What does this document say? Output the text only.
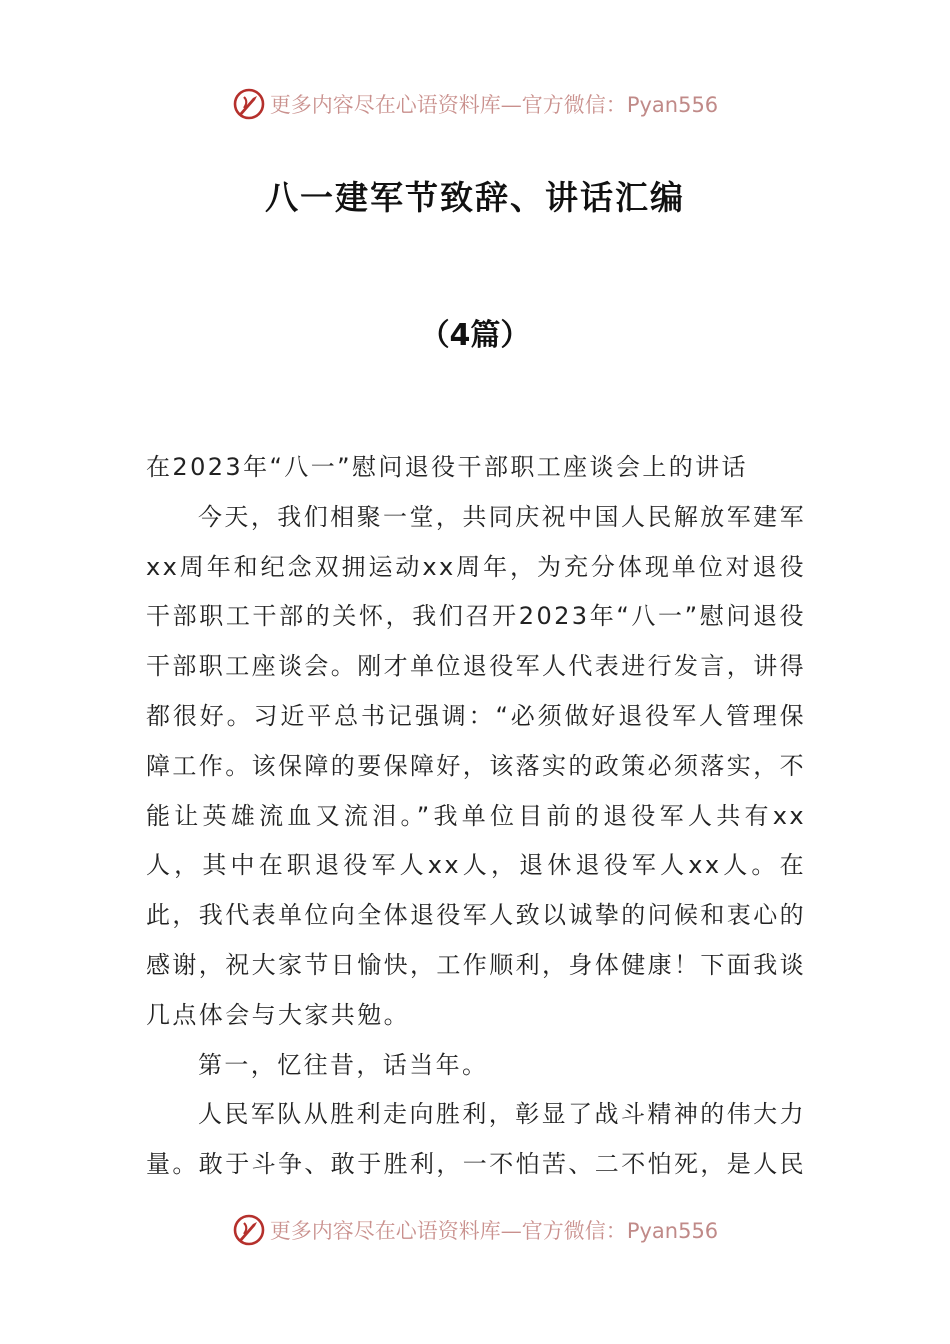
更多内容尽在心语资料库—官方微信：Pyan556
八一建军节致辞、讲话汇编
（4篇）

在2023年“八一”慰问退役干部职工座谈会上的讲话

今天，我们相聚一堂，共同庆祝中国人民解放军建军xx周年和纪念双拥运动xx周年，为充分体现单位对退役干部职工干部的关怀，我们召开2023年“八一”慰问退役干部职工座谈会。刚才单位退役军人代表进行发言，讲得都很好。习近平总书记强调：“必须做好退役军人管理保障工作。该保障的要保障好，该落实的政策必须落实，不能让英雄流血又流泪。”我单位目前的退役军人共有xx人，其中在职退役军人xx人，退休退役军人xx人。在此，我代表单位向全体退役军人致以诚挚的问候和衷心的感谢，祝大家节日愉快，工作顺利，身体健康！下面我谈几点体会与大家共勉。

第一，忆往昔，话当年。

人民军队从胜利走向胜利，彰显了战斗精神的伟大力量。敢于斗争、敢于胜利，一不怕苦、二不怕死，是人民

更多内容尽在心语资料库—官方微信：Pyan556
